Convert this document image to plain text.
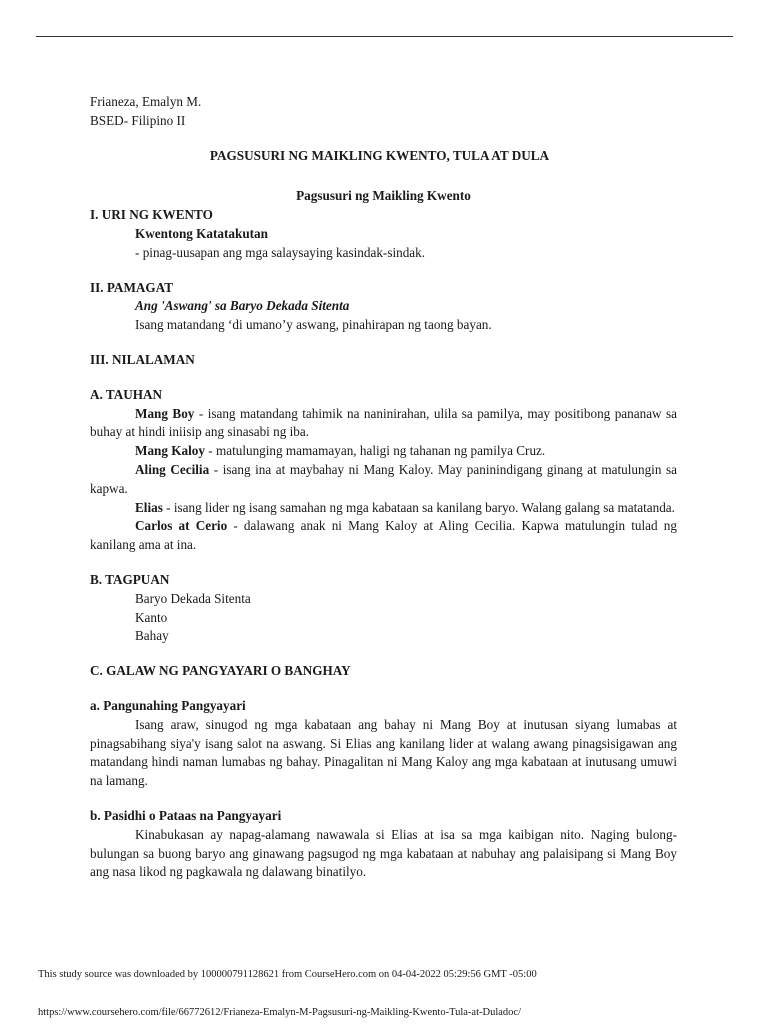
Frianeza, Emalyn M.

BSED- Filipino II

PAGSUSURI NG MAIKLING KWENTO, TULA AT DULA

Pagsusuri ng Maikling Kwento

I. URI NG KWENTO

Kwentong Katatakutan

- pinag-uusapan ang mga salaysaying kasindak-sindak.

II. PAMAGAT

Ang 'Aswang' sa Baryo Dekada Sitenta

Isang matandang ‘di umano’y aswang, pinahirapan ng taong bayan.

III. NILALAMAN

A. TAUHAN

Mang Boy - isang matandang tahimik na naninirahan, ulila sa pamilya, may positibong pananaw sa buhay at hindi iniisip ang sinasabi ng iba.

Mang Kaloy - matulunging mamamayan, haligi ng tahanan ng pamilya Cruz.

Aling Cecilia - isang ina at maybahay ni Mang Kaloy. May paninindigang ginang at matulungin sa kapwa.

Elias - isang lider ng isang samahan ng mga kabataan sa kanilang baryo. Walang galang sa matatanda.

Carlos at Cerio - dalawang anak ni Mang Kaloy at Aling Cecilia. Kapwa matulungin tulad ng kanilang ama at ina.

B. TAGPUAN

Baryo Dekada Sitenta

Kanto

Bahay

C. GALAW NG PANGYAYARI O BANGHAY

a. Pangunahing Pangyayari

Isang araw, sinugod ng mga kabataan ang bahay ni Mang Boy at inutusan siyang lumabas at pinagsabihang siya'y isang salot na aswang. Si Elias ang kanilang lider at walang awang pinagsisigawan ang matandang hindi naman lumabas ng bahay. Pinagalitan ni Mang Kaloy ang mga kabataan at inutusang umuwi na lamang.

b. Pasidhi o Pataas na Pangyayari

Kinabukasan ay napag-alamang nawawala si Elias at isa sa mga kaibigan nito. Naging bulong-bulungan sa buong baryo ang ginawang pagsugod ng mga kabataan at nabuhay ang palaisipang si Mang Boy ang nasa likod ng pagkawala ng dalawang binatilyo.

This study source was downloaded by 100000791128621 from CourseHero.com on 04-04-2022 05:29:56 GMT -05:00
https://www.coursehero.com/file/66772612/Frianeza-Emalyn-M-Pagsusuri-ng-Maikling-Kwento-Tula-at-Duladoc/
